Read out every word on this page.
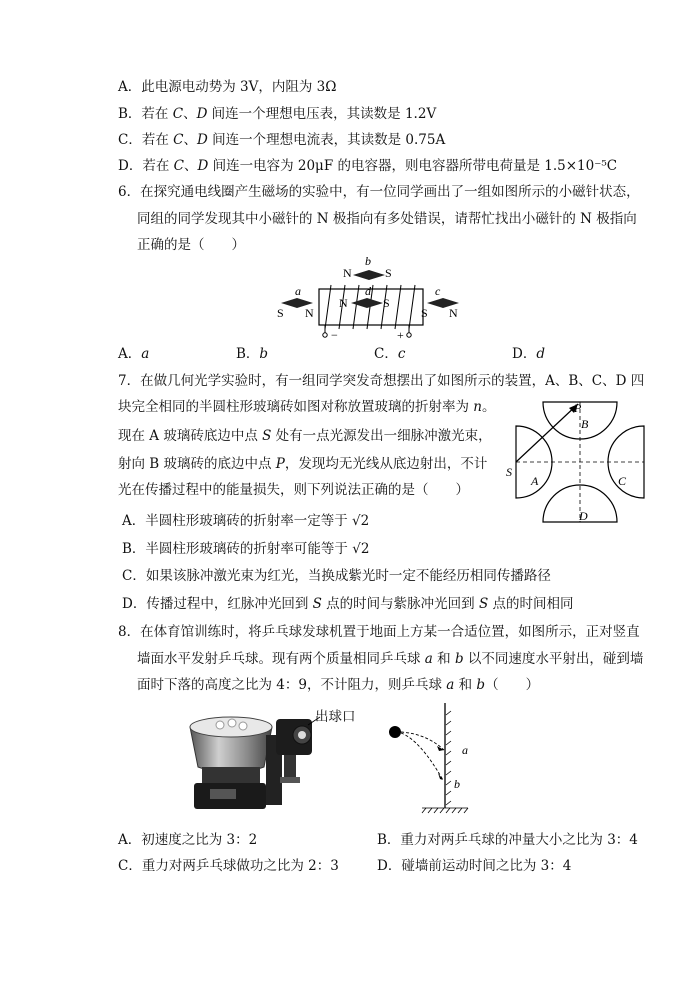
A．此电源电动势为 3V，内阻为 3Ω
B．若在 C、D 间连一个理想电压表，其读数是 1.2V
C．若在 C、D 间连一个理想电流表，其读数是 0.75A
D．若在 C、D 间连一电容为 20μF 的电容器，则电容器所带电荷量是 1.5×10⁻⁵C
6．在探究通电线圈产生磁场的实验中，有一位同学画出了一组如图所示的小磁针状态，
同组的同学发现其中小磁针的 N 极指向有多处错误，请帮忙找出小磁针的 N 极指向
正确的是（　　）
b
N	S
a
S N
N
d
S
c
S N
−	+
A．a	B．b	C．c	D．d
7．在做几何光学实验时，有一组同学突发奇想摆出了如图所示的装置，A、B、C、D 四
块完全相同的半圆柱形玻璃砖如图对称放置玻璃的折射率为 n。
现在 A 玻璃砖底边中点 S 处有一点光源发出一细脉冲激光束，
射向 B 玻璃砖的底边中点 P，发现均无光线从底边射出，不计
光在传播过程中的能量损失，则下列说法正确的是（　　）
P
B
S
A	C
D
A．半圆柱形玻璃砖的折射率一定等于 √2
B．半圆柱形玻璃砖的折射率可能等于 √2
C．如果该脉冲激光束为红光，当换成紫光时一定不能经历相同传播路径
D．传播过程中，红脉冲光回到 S 点的时间与紫脉冲光回到 S 点的时间相同
8．在体育馆训练时，将乒乓球发球机置于地面上方某一合适位置，如图所示，正对竖直
墙面水平发射乒乓球。现有两个质量相同乒乓球 a 和 b 以不同速度水平射出，碰到墙
面时下落的高度之比为 4：9，不计阻力，则乒乓球 a 和 b（　　）
出球口
a
b
A．初速度之比为 3：2	B．重力对两乒乓球的冲量大小之比为 3：4
C．重力对两乒乓球做功之比为 2：3	D．碰墙前运动时间之比为 3：4
